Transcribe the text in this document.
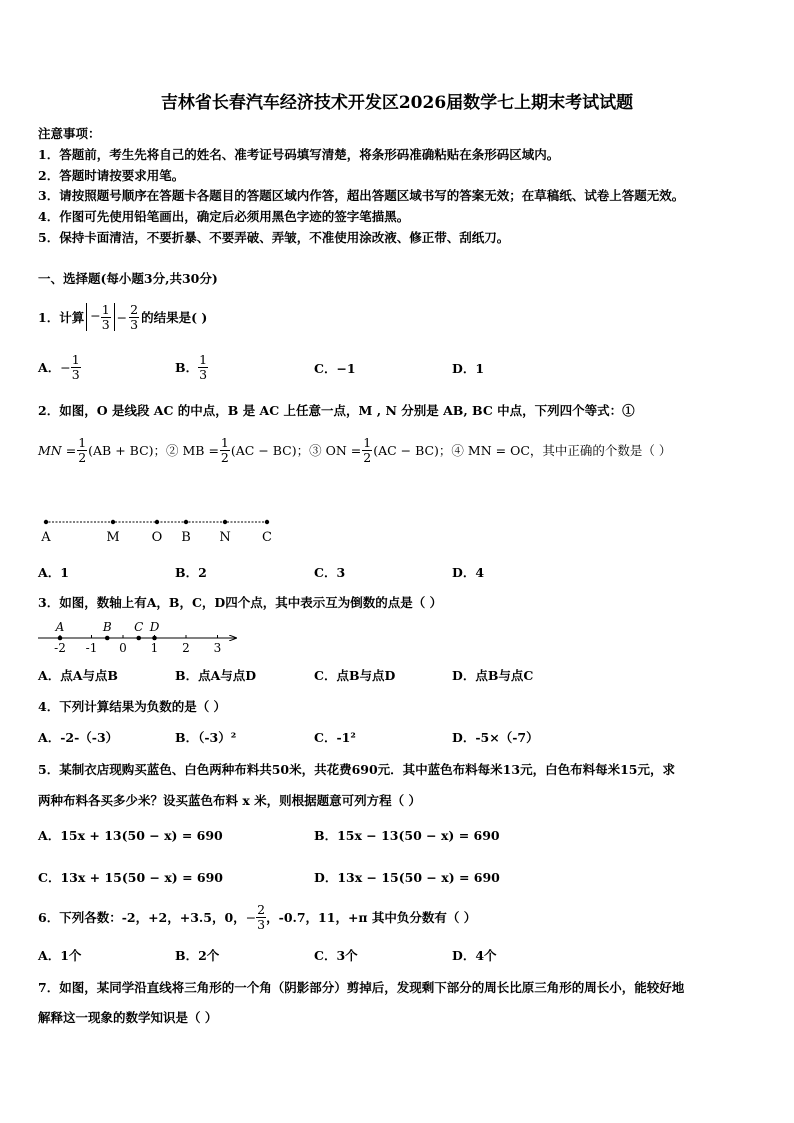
吉林省长春汽车经济技术开发区2026届数学七上期末考试试题
注意事项：
1．答题前，考生先将自己的姓名、准考证号码填写清楚，将条形码准确粘贴在条形码区域内。
2．答题时请按要求用笔。
3．请按照题号顺序在答题卡各题目的答题区域内作答，超出答题区域书写的答案无效；在草稿纸、试卷上答题无效。
4．作图可先使用铅笔画出，确定后必须用黑色字迹的签字笔描黑。
5．保持卡面清洁，不要折暴、不要弄破、弄皱，不准使用涂改液、修正带、刮纸刀。
一、选择题(每小题3分,共30分)
1．计算 − $\frac{1}{3} - \frac{2}{3}$ 的结果是( )
A． − $\frac{1}{3}$	B． $\frac{1}{3}$	C．−1	D．1
2．如图，O 是线段 AC 的中点，B 是 AC 上任意一点，M , N 分别是 AB, BC 中点，下列四个等式：①
MN = $\frac{1}{2} (AB + BC)$；② MB = $\frac{1}{2} (AC - BC)$；③ ON = $\frac{1}{2} (AC - BC)$；④ MN = OC，其中正确的个数是（ ）
A	M O B N C
A．1	B．2	C．3	D．4
3．如图，数轴上有A，B，C，D四个点，其中表示互为倒数的点是（ ）
-2 -1 0 1 2 3
A	B C D
A．点A与点B	B．点A与点D	C．点B与点D	D．点B与点C
4．下列计算结果为负数的是（ ）
A．-2-（-3）	B．（-3）²	C．-1²	D．-5×（-7）
5．某制衣店现购买蓝色、白色两种布料共50米，共花费690元．其中蓝色布料每米13元，白色布料每米15元，求
两种布料各买多少米？设买蓝色布料 x 米，则根据题意可列方程（ ）
A．15x + 13(50 − x) = 690	B．15x − 13(50 − x) = 690
C．13x + 15(50 − x) = 690	D．13x − 15(50 − x) = 690
6．下列各数：-2，+2，+3.5，0， − $\frac{2}{3}$ ，-0.7，11，+π 其中负分数有（ ）
A．1个	B．2个	C．3个	D．4个
7．如图，某同学沿直线将三角形的一个角（阴影部分）剪掉后，发现剩下部分的周长比原三角形的周长小，能较好地
解释这一现象的数学知识是（ ）
